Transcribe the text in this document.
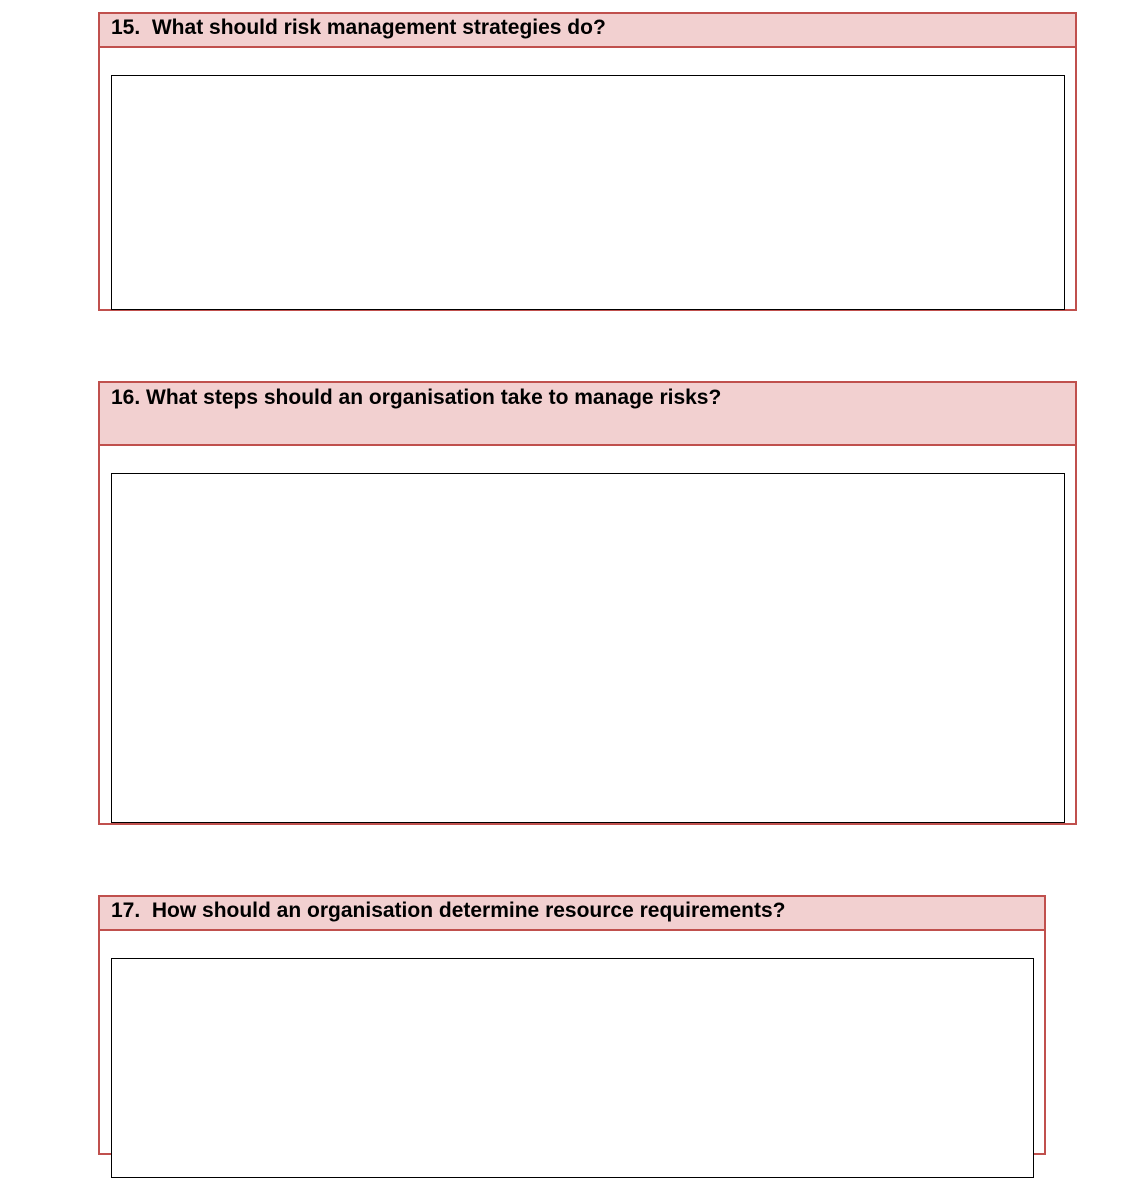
15.  What should risk management strategies do?
16. What steps should an organisation take to manage risks?
17.  How should an organisation determine resource requirements?
